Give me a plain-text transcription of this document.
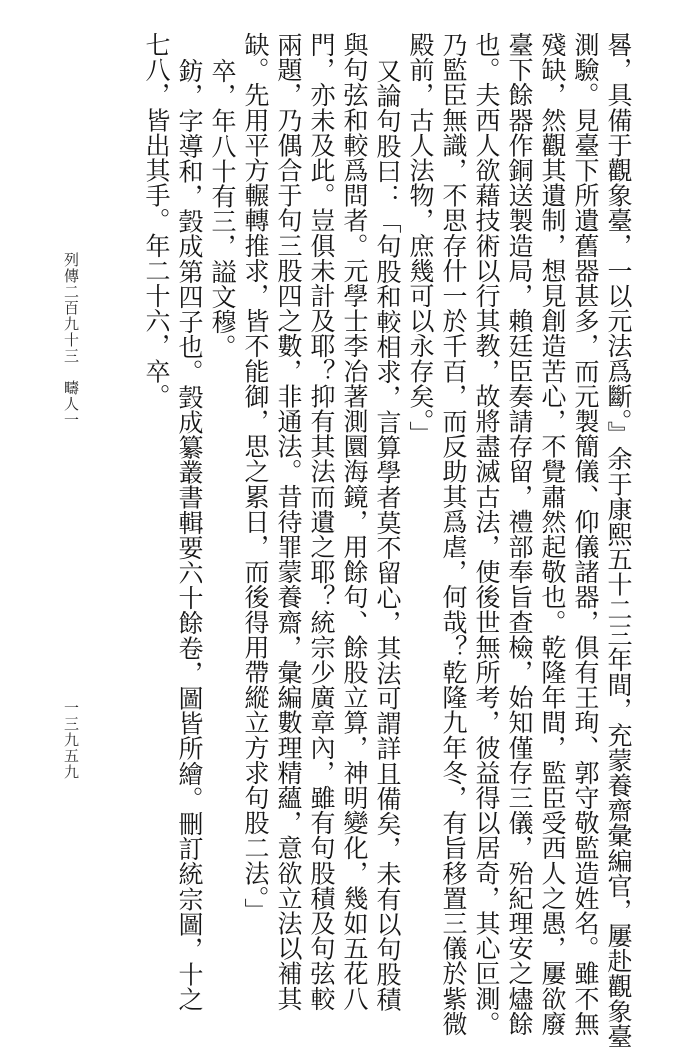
晷，具備于觀象臺，一以元法爲斷。』余于康熙五十二三年間，充蒙養齋彙編官，屢赴觀象臺
測驗。見臺下所遺舊器甚多，而元製簡儀、仰儀諸器，俱有王珣、郭守敬監造姓名。雖不無
殘缺，然觀其遺制，想見創造苦心，不覺肅然起敬也。乾隆年間，監臣受西人之愚，屢欲廢
臺下餘器作銅送製造局，賴廷臣奏請存留，禮部奉旨查檢，始知僅存三儀，殆紀理安之燼餘
也。夫西人欲藉技術以行其教，故將盡滅古法，使後世無所考，彼益得以居奇，其心叵測。
乃監臣無識，不思存什一於千百，而反助其爲虐，何哉？乾隆九年冬，有旨移置三儀於紫微
殿前，古人法物，庶幾可以永存矣。」
又論句股曰：「句股和較相求，言算學者莫不留心，其法可謂詳且備矣，未有以句股積
與句弦和較爲問者。元學士李冶著測圜海鏡，用餘句、餘股立算，神明變化，幾如五花八
門，亦未及此。豈俱未計及耶？抑有其法而遺之耶？統宗少廣章內，雖有句股積及句弦較
兩題，乃偶合于句三股四之數，非通法。昔待罪蒙養齋，彙編數理精蘊，意欲立法以補其
缺。先用平方輾轉推求，皆不能御，思之累日，而後得用帶縱立方求句股二法。」
卒，年八十有三，謚文穆。
鈁，字導和，瑴成第四子也。瑴成纂叢書輯要六十餘卷，圖皆所繪。刪訂統宗圖，十之
七八，皆出其手。年二十六，卒。
列傳二百九十三　疇人一
一三九五九
